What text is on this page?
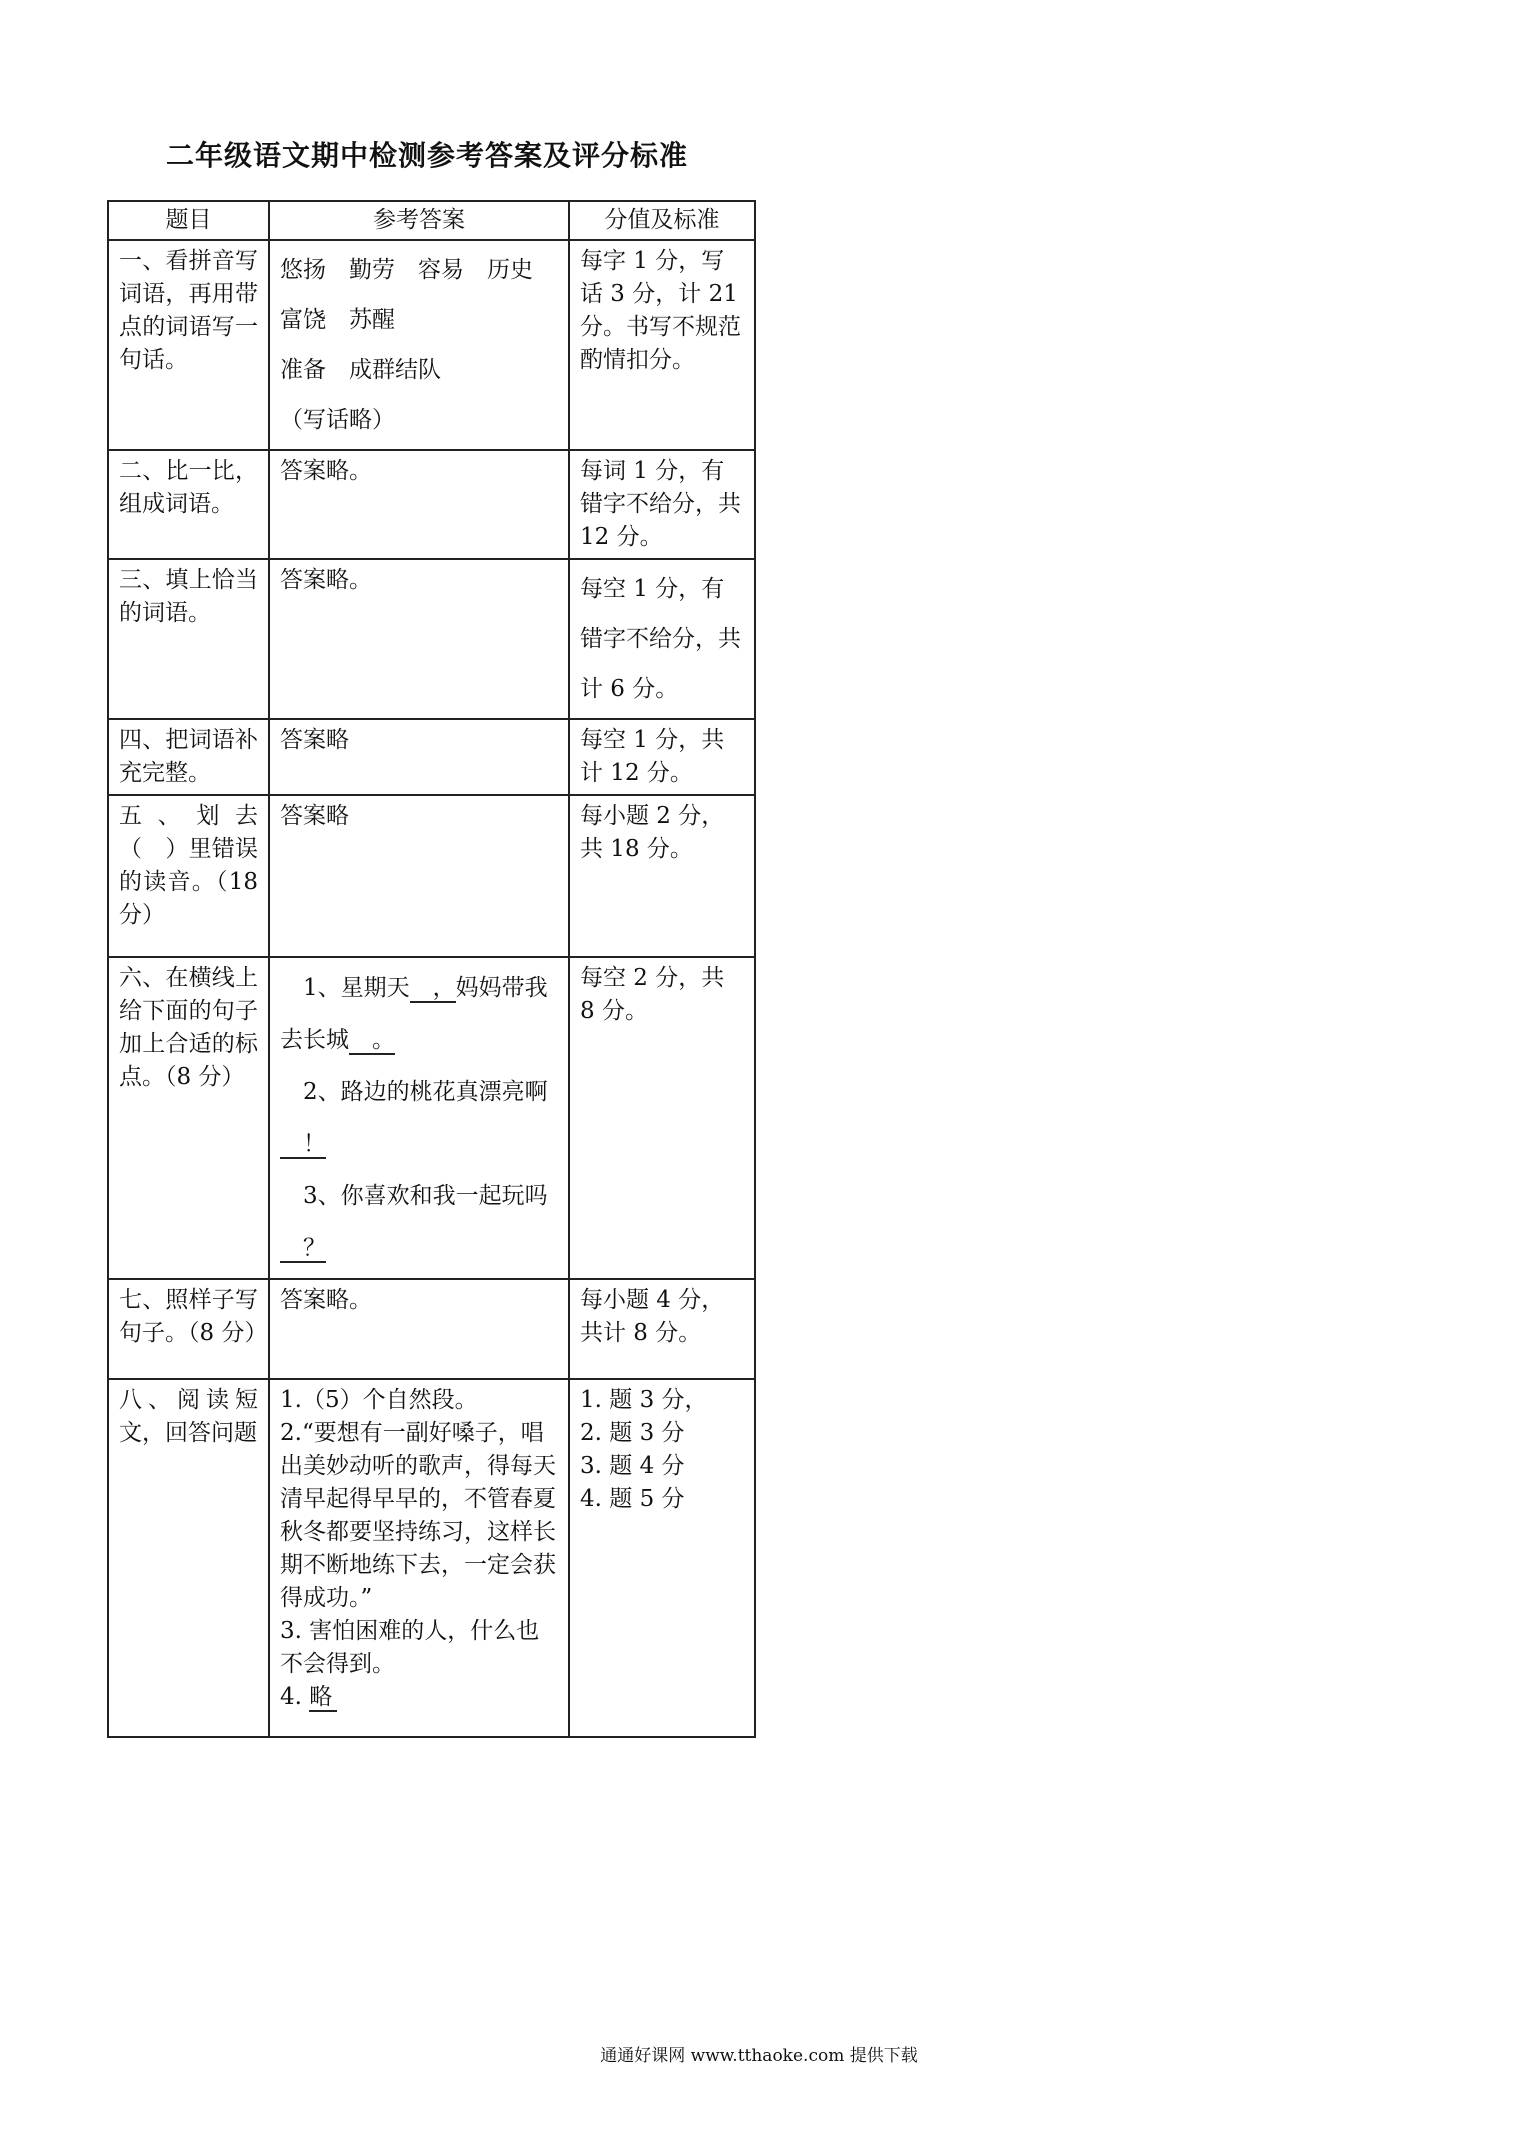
二年级语文期中检测参考答案及评分标准
题目	参考答案	分值及标准
一、看拼音写词语，再用带点的词语写一句话。	悠扬　勤劳　容易　历史　富饶　苏醒
准备　成群结队
（写话略）	每字 1 分，写话 3 分，计 21 分。书写不规范酌情扣分。
二、比一比，组成词语。	答案略。	每词 1 分，有错字不给分，共 12 分。
三、填上恰当的词语。	答案略。	每空 1 分，有错字不给分，共计 6 分。
四、把词语补充完整。	答案略	每空 1 分，共计 12 分。
五、划去（　）里错误的读音。（18 分）	答案略	每小题 2 分，共 18 分。
六、在横线上给下面的句子加上合适的标点。（8 分）	1、星期天 ，妈妈带我去长城 。
2、路边的桃花真漂亮啊！
3、你喜欢和我一起玩吗？	每空 2 分，共 8 分。
七、照样子写句子。（8 分）	答案略。	每小题 4 分，共计 8 分。
八、阅读短文，回答问题	1.（5）个自然段。
2.“要想有一副好嗓子，唱出美妙动听的歌声，得每天清早起得早早的，不管春夏秋冬都要坚持练习，这样长期不断地练下去，一定会获得成功。”
3. 害怕困难的人，什么也不会得到。
4. 略	1. 题 3 分，
2. 题 3 分
3. 题 4 分
4. 题 5 分
通通好课网 www.tthaoke.com 提供下载
